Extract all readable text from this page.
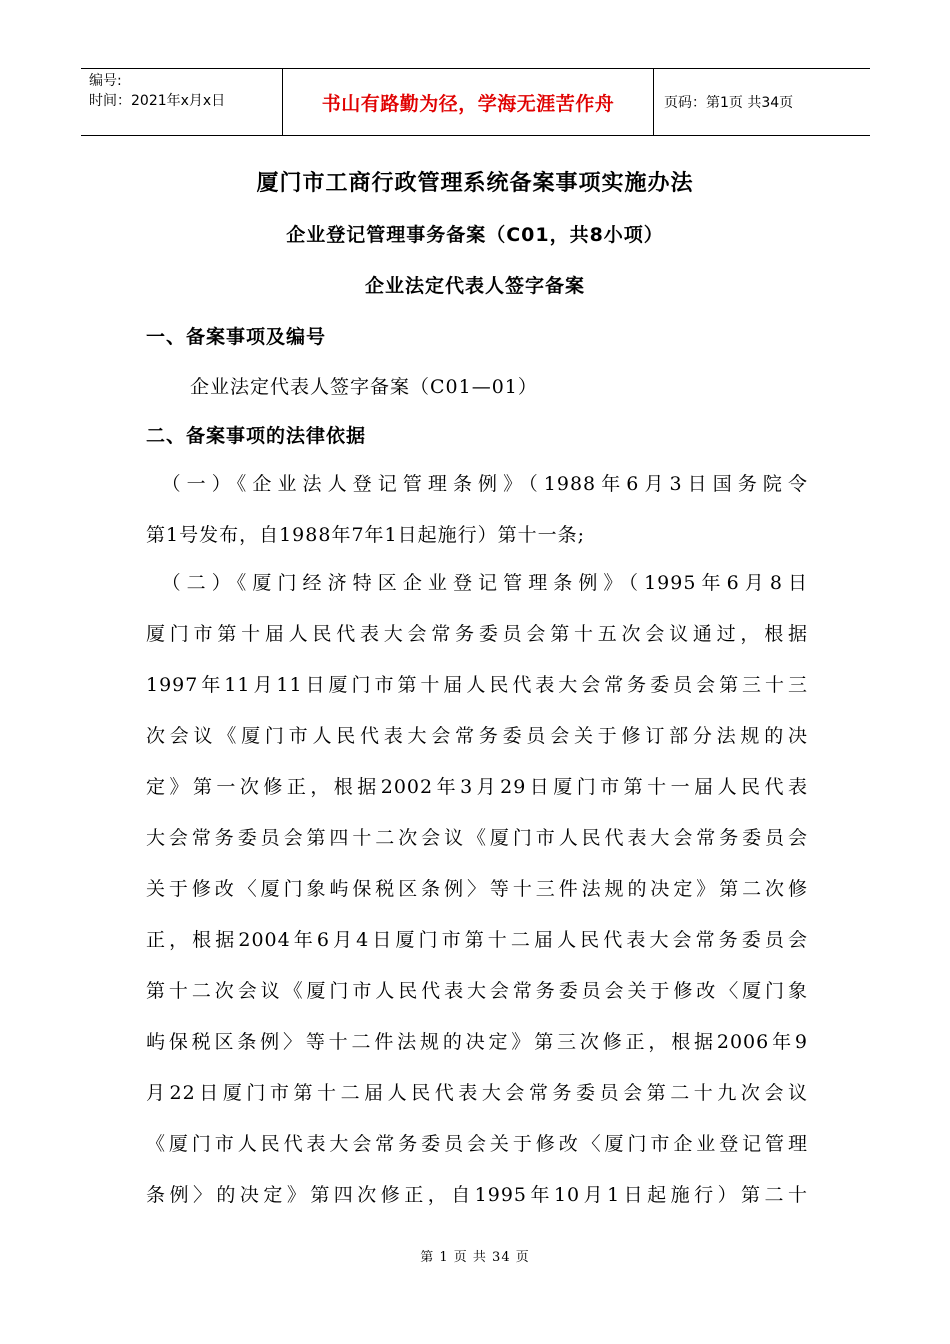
编号:
时间：2021年x月x日	书山有路勤为径，学海无涯苦作舟	页码：第1页 共34页
厦门市工商行政管理系统备案事项实施办法
企业登记管理事务备案（C01，共8小项）
企业法定代表人签字备案
一、备案事项及编号
企业法定代表人签字备案（C01—01）
二、备案事项的法律依据
　（一）《企业法人登记管理条例》（1988年6月3日国务院令
第1号发布，自1988年7年1日起施行）第十一条;
　（二）《厦门经济特区企业登记管理条例》（1995年6月8日
厦门市第十届人民代表大会常务委员会第十五次会议通过，根据
1997年11月11日厦门市第十届人民代表大会常务委员会第三十三
次会议《厦门市人民代表大会常务委员会关于修订部分法规的决
定》第一次修正，根据2002年3月29日厦门市第十一届人民代表
大会常务委员会第四十二次会议《厦门市人民代表大会常务委员会
关于修改〈厦门象屿保税区条例〉等十三件法规的决定》第二次修
正，根据2004年6月4日厦门市第十二届人民代表大会常务委员会
第十二次会议《厦门市人民代表大会常务委员会关于修改〈厦门象
屿保税区条例〉等十二件法规的决定》第三次修正，根据2006年9
月22日厦门市第十二届人民代表大会常务委员会第二十九次会议
《厦门市人民代表大会常务委员会关于修改〈厦门市企业登记管理
条例〉的决定》第四次修正，自1995年10月1日起施行）第二十
第 1 页 共 34 页
